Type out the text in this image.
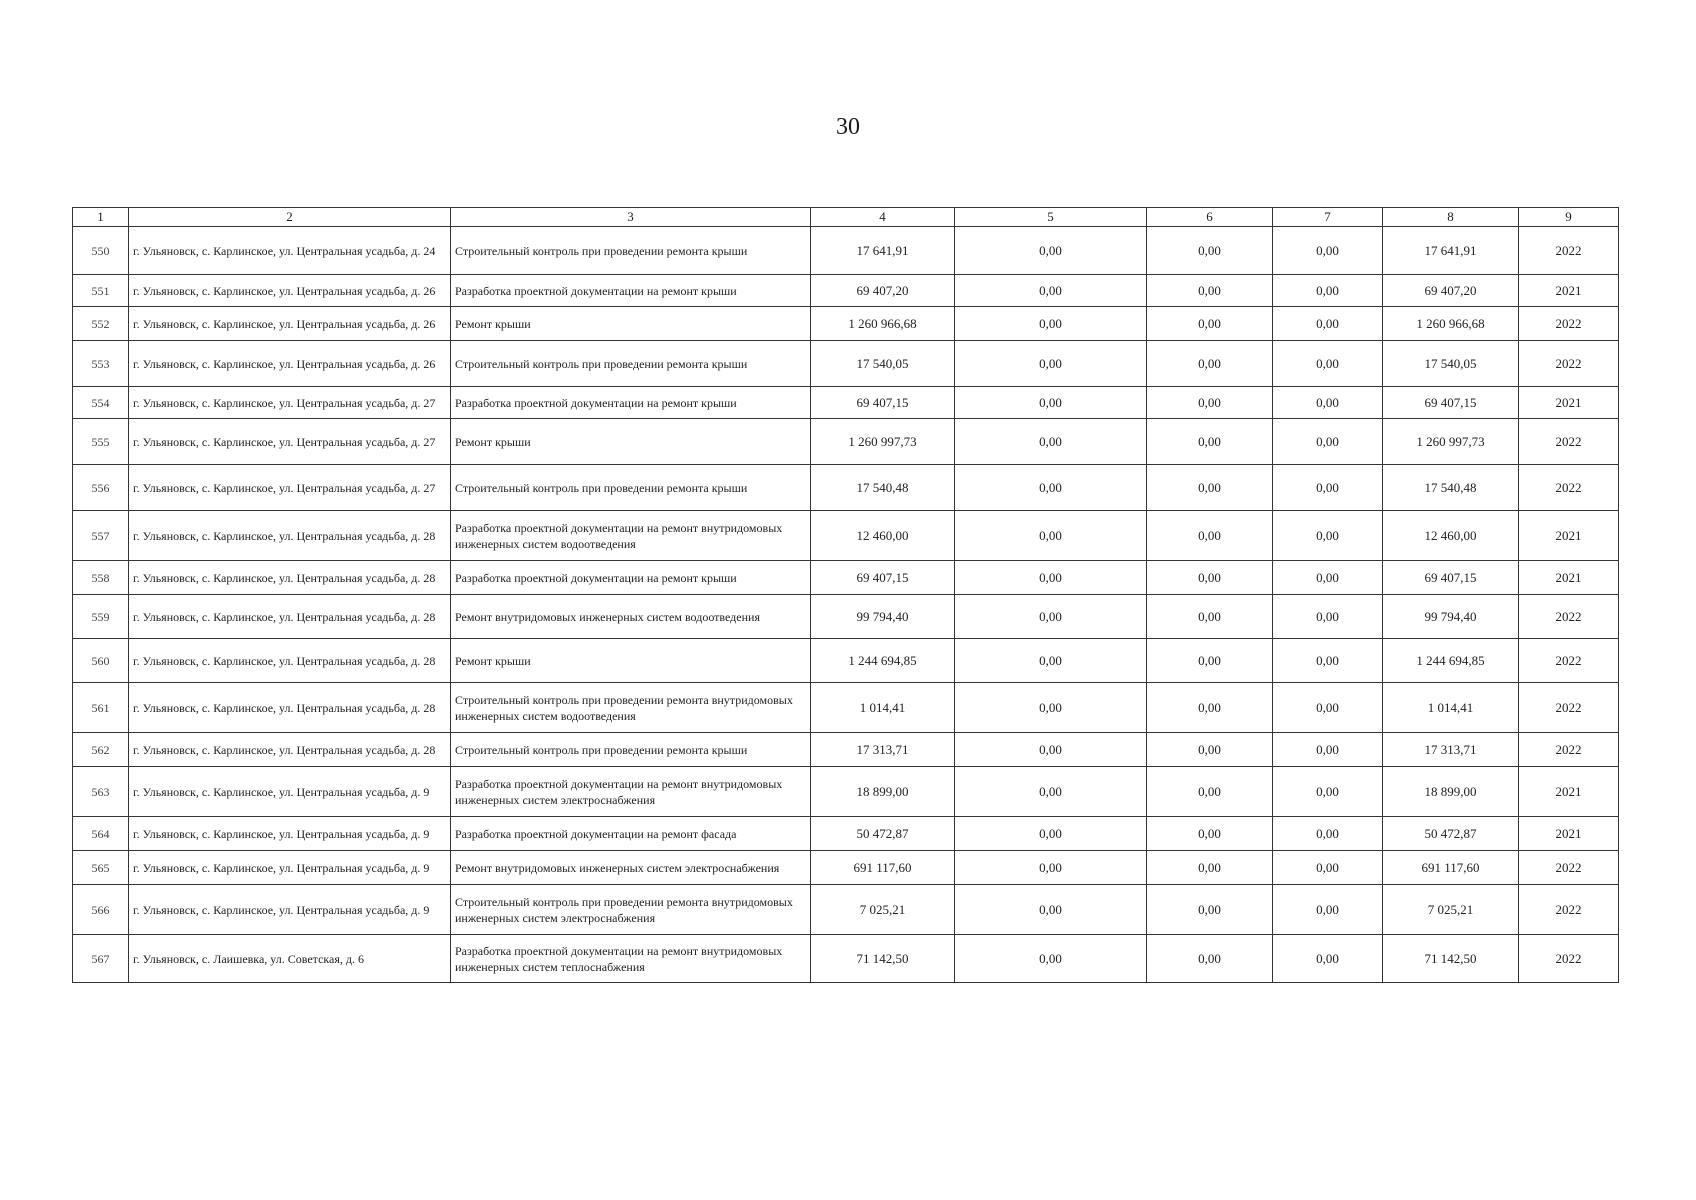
30
1	2	3	4	5	6	7	8	9
550	г. Ульяновск, с. Карлинское, ул. Центральная усадьба, д. 24	Строительный контроль при проведении ремонта крыши	17 641,91	0,00	0,00	0,00	17 641,91	2022
551	г. Ульяновск, с. Карлинское, ул. Центральная усадьба, д. 26	Разработка проектной документации на ремонт крыши	69 407,20	0,00	0,00	0,00	69 407,20	2021
552	г. Ульяновск, с. Карлинское, ул. Центральная усадьба, д. 26	Ремонт крыши	1 260 966,68	0,00	0,00	0,00	1 260 966,68	2022
553	г. Ульяновск, с. Карлинское, ул. Центральная усадьба, д. 26	Строительный контроль при проведении ремонта крыши	17 540,05	0,00	0,00	0,00	17 540,05	2022
554	г. Ульяновск, с. Карлинское, ул. Центральная усадьба, д. 27	Разработка проектной документации на ремонт крыши	69 407,15	0,00	0,00	0,00	69 407,15	2021
555	г. Ульяновск, с. Карлинское, ул. Центральная усадьба, д. 27	Ремонт крыши	1 260 997,73	0,00	0,00	0,00	1 260 997,73	2022
556	г. Ульяновск, с. Карлинское, ул. Центральная усадьба, д. 27	Строительный контроль при проведении ремонта крыши	17 540,48	0,00	0,00	0,00	17 540,48	2022
557	г. Ульяновск, с. Карлинское, ул. Центральная усадьба, д. 28	Разработка проектной документации на ремонт внутридомовых инженерных систем водоотведения	12 460,00	0,00	0,00	0,00	12 460,00	2021
558	г. Ульяновск, с. Карлинское, ул. Центральная усадьба, д. 28	Разработка проектной документации на ремонт крыши	69 407,15	0,00	0,00	0,00	69 407,15	2021
559	г. Ульяновск, с. Карлинское, ул. Центральная усадьба, д. 28	Ремонт внутридомовых инженерных систем водоотведения	99 794,40	0,00	0,00	0,00	99 794,40	2022
560	г. Ульяновск, с. Карлинское, ул. Центральная усадьба, д. 28	Ремонт крыши	1 244 694,85	0,00	0,00	0,00	1 244 694,85	2022
561	г. Ульяновск, с. Карлинское, ул. Центральная усадьба, д. 28	Строительный контроль при проведении ремонта внутридомовых инженерных систем водоотведения	1 014,41	0,00	0,00	0,00	1 014,41	2022
562	г. Ульяновск, с. Карлинское, ул. Центральная усадьба, д. 28	Строительный контроль при проведении ремонта крыши	17 313,71	0,00	0,00	0,00	17 313,71	2022
563	г. Ульяновск, с. Карлинское, ул. Центральная усадьба, д. 9	Разработка проектной документации на ремонт внутридомовых инженерных систем электроснабжения	18 899,00	0,00	0,00	0,00	18 899,00	2021
564	г. Ульяновск, с. Карлинское, ул. Центральная усадьба, д. 9	Разработка проектной документации на ремонт фасада	50 472,87	0,00	0,00	0,00	50 472,87	2021
565	г. Ульяновск, с. Карлинское, ул. Центральная усадьба, д. 9	Ремонт внутридомовых инженерных систем электроснабжения	691 117,60	0,00	0,00	0,00	691 117,60	2022
566	г. Ульяновск, с. Карлинское, ул. Центральная усадьба, д. 9	Строительный контроль при проведении ремонта внутридомовых инженерных систем электроснабжения	7 025,21	0,00	0,00	0,00	7 025,21	2022
567	г. Ульяновск, с. Лаишевка, ул. Советская, д. 6	Разработка проектной документации на ремонт внутридомовых инженерных систем теплоснабжения	71 142,50	0,00	0,00	0,00	71 142,50	2022
